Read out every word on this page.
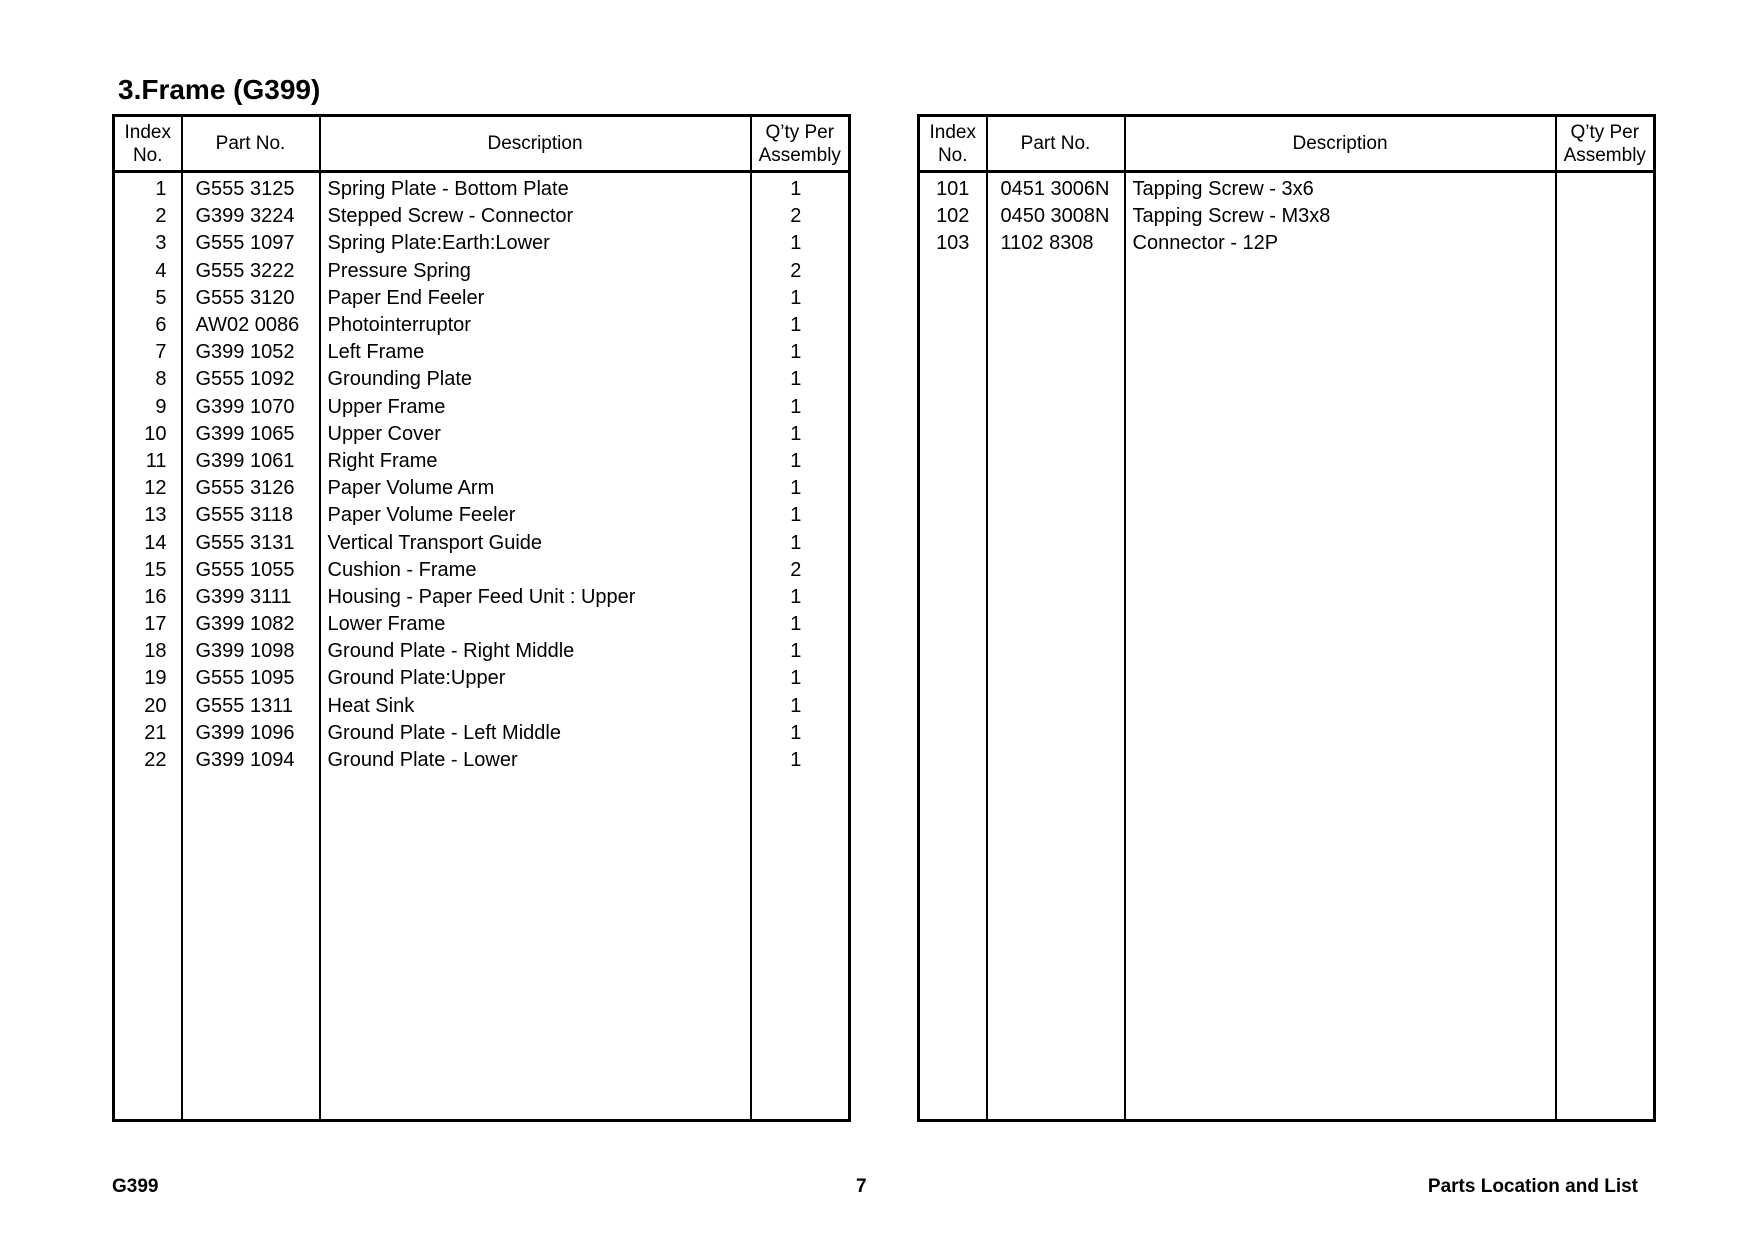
3.Frame (G399)
Index
No.	Part No.	Description	Q’ty Per
Assembly
1	G555 3125	Spring Plate - Bottom Plate	1
2	G399 3224	Stepped Screw - Connector	2
3	G555 1097	Spring Plate:Earth:Lower	1
4	G555 3222	Pressure Spring	2
5	G555 3120	Paper End Feeler	1
6	AW02 0086	Photointerruptor	1
7	G399 1052	Left Frame	1
8	G555 1092	Grounding Plate	1
9	G399 1070	Upper Frame	1
10	G399 1065	Upper Cover	1
11	G399 1061	Right Frame	1
12	G555 3126	Paper Volume Arm	1
13	G555 3118	Paper Volume Feeler	1
14	G555 3131	Vertical Transport Guide	1
15	G555 1055	Cushion - Frame	2
16	G399 3111	Housing - Paper Feed Unit : Upper	1
17	G399 1082	Lower Frame	1
18	G399 1098	Ground Plate - Right Middle	1
19	G555 1095	Ground Plate:Upper	1
20	G555 1311	Heat Sink	1
21	G399 1096	Ground Plate - Left Middle	1
22	G399 1094	Ground Plate - Lower	1

Index
No.	Part No.	Description	Q’ty Per
Assembly
101	0451 3006N	Tapping Screw - 3x6	
102	0450 3008N	Tapping Screw - M3x8	
103	1102 8308	Connector - 12P	

G399	7	Parts Location and List
